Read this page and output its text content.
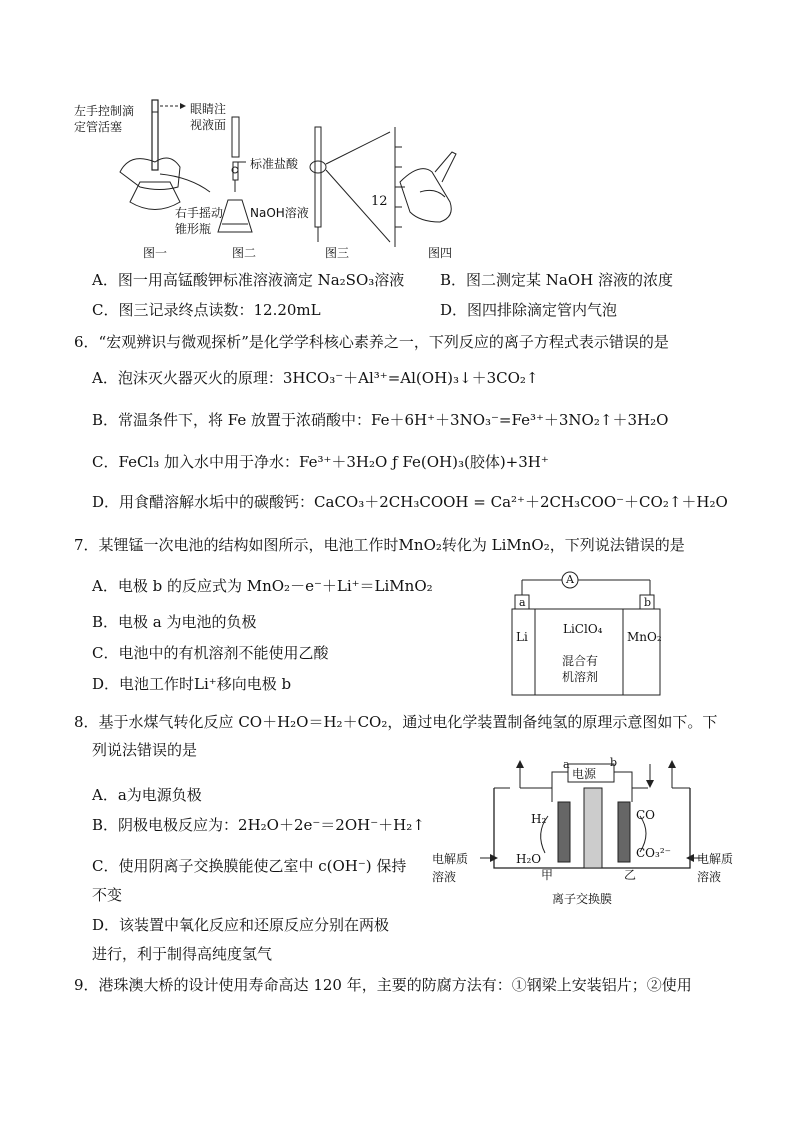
左手控制滴
定管活塞
眼睛注
视液面
右手摇动
锥形瓶
标准盐酸
NaOH溶液
12
图一	图二	图三	图四
A．图一用高锰酸钾标准溶液滴定 Na₂SO₃溶液 B．图二测定某 NaOH 溶液的浓度
C．图三记录终点读数：12.20mL	D．图四排除滴定管内气泡
6．“宏观辨识与微观探析”是化学学科核心素养之一，下列反应的离子方程式表示错误的是
A．泡沫灭火器灭火的原理：3HCO₃⁻＋Al³⁺=Al(OH)₃↓＋3CO₂↑
B．常温条件下，将 Fe 放置于浓硝酸中：Fe＋6H⁺＋3NO₃⁻=Fe³⁺＋3NO₂↑＋3H₂O
C．FeCl₃ 加入水中用于净水：Fe³⁺＋3H₂O ƒ Fe(OH)₃(胶体)+3H⁺
D．用食醋溶解水垢中的碳酸钙：CaCO₃＋2CH₃COOH = Ca²⁺＋2CH₃COO⁻＋CO₂↑＋H₂O
7．某锂锰一次电池的结构如图所示，电池工作时MnO₂转化为 LiMnO₂，下列说法错误的是
A．电极 b 的反应式为 MnO₂－e⁻＋Li⁺＝LiMnO₂
B．电极 a 为电池的负极
C．电池中的有机溶剂不能使用乙酸
D．电池工作时Li⁺移向电极 b
A
a	b
Li
LiClO₄
混合有
机溶剂
MnO₂
8．基于水煤气转化反应 CO＋H₂O＝H₂＋CO₂，通过电化学装置制备纯氢的原理示意图如下。下
列说法错误的是
A．a为电源负极
B．阴极电极反应为：2H₂O＋2e⁻＝2OH⁻＋H₂↑
C．使用阴离子交换膜能使乙室中 c(OH⁻) 保持
不变
D．该装置中氧化反应和还原反应分别在两极
进行，利于制得高纯度氢气
电源
a	b
H₂
H₂O
CO
CO₃²⁻
甲	乙
电解质
溶液
电解质
溶液
离子交换膜
9．港珠澳大桥的设计使用寿命高达 120 年，主要的防腐方法有：①钢梁上安装铝片；②使用
